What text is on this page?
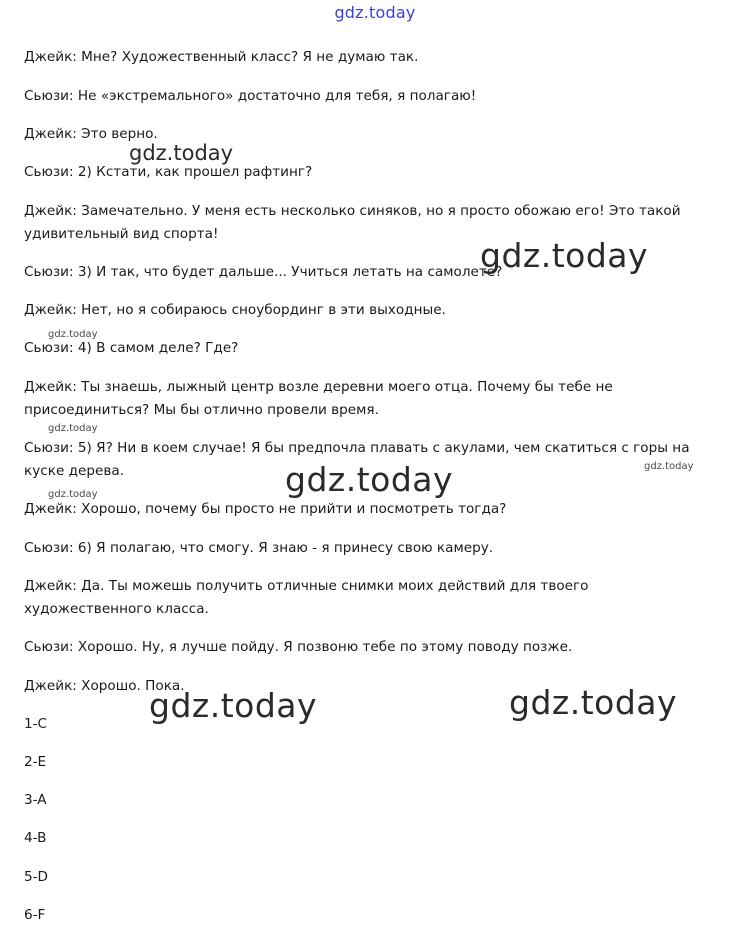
gdz.today
Джейк: Мне? Художественный класс? Я не думаю так.
Сьюзи: Не «экстремального» достаточно для тебя, я полагаю!
Джейк: Это верно.
Сьюзи: 2) Кстати, как прошел рафтинг?
Джейк: Замечательно. У меня есть несколько синяков, но я просто обожаю его! Это такой удивительный вид спорта!
Сьюзи: 3) И так, что будет дальше... Учиться летать на самолете?
Джейк: Нет, но я собираюсь сноубординг в эти выходные.
Сьюзи: 4) В самом деле? Где?
Джейк: Ты знаешь, лыжный центр возле деревни моего отца. Почему бы тебе не присоединиться? Мы бы отлично провели время.
Сьюзи: 5) Я? Ни в коем случае! Я бы предпочла плавать с акулами, чем скатиться с горы на куске дерева.
Джейк: Хорошо, почему бы просто не прийти и посмотреть тогда?
Сьюзи: 6) Я полагаю, что смогу. Я знаю - я принесу свою камеру.
Джейк: Да. Ты можешь получить отличные снимки моих действий для твоего художественного класса.
Сьюзи: Хорошо. Ну, я лучше пойду. Я позвоню тебе по этому поводу позже.
Джейк: Хорошо. Пока.
1-C
2-E
3-A
4-B
5-D
6-F
gdz.today
gdz.today
gdz.today
gdz.today
gdz.today	gdz.today
gdz.today
gdz.today	gdz.today
